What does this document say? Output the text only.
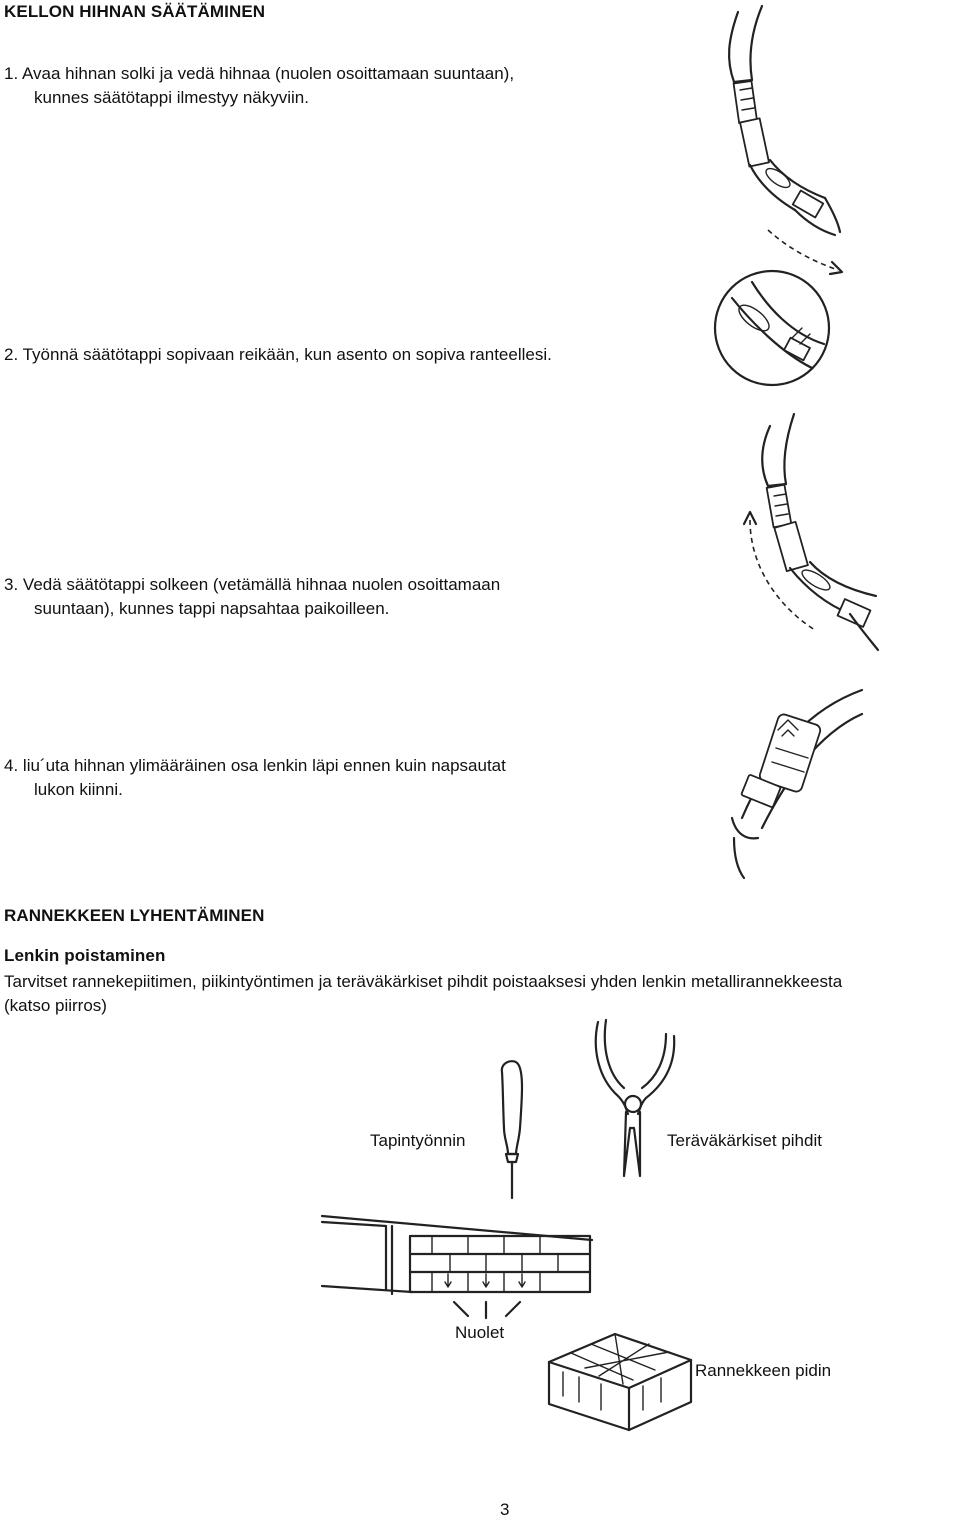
KELLON HIHNAN SÄÄTÄMINEN
1. Avaa hihnan solki ja vedä hihnaa (nuolen osoittamaan suuntaan),
kunnes säätötappi ilmestyy näkyviin.
2. Työnnä säätötappi sopivaan reikään, kun asento on sopiva ranteellesi.
3. Vedä säätötappi solkeen (vetämällä hihnaa nuolen osoittamaan
suuntaan), kunnes tappi napsahtaa paikoilleen.
4. liu´uta hihnan ylimääräinen osa lenkin läpi ennen kuin napsautat
lukon kiinni.
RANNEKKEEN LYHENTÄMINEN
Lenkin poistaminen
Tarvitset rannekepiitimen, piikintyöntimen ja teräväkärkiset pihdit poistaaksesi yhden lenkin metallirannekkeesta
(katso piirros)
Tapintyönnin	Teräväkärkiset pihdit
Nuolet
Rannekkeen pidin
3
